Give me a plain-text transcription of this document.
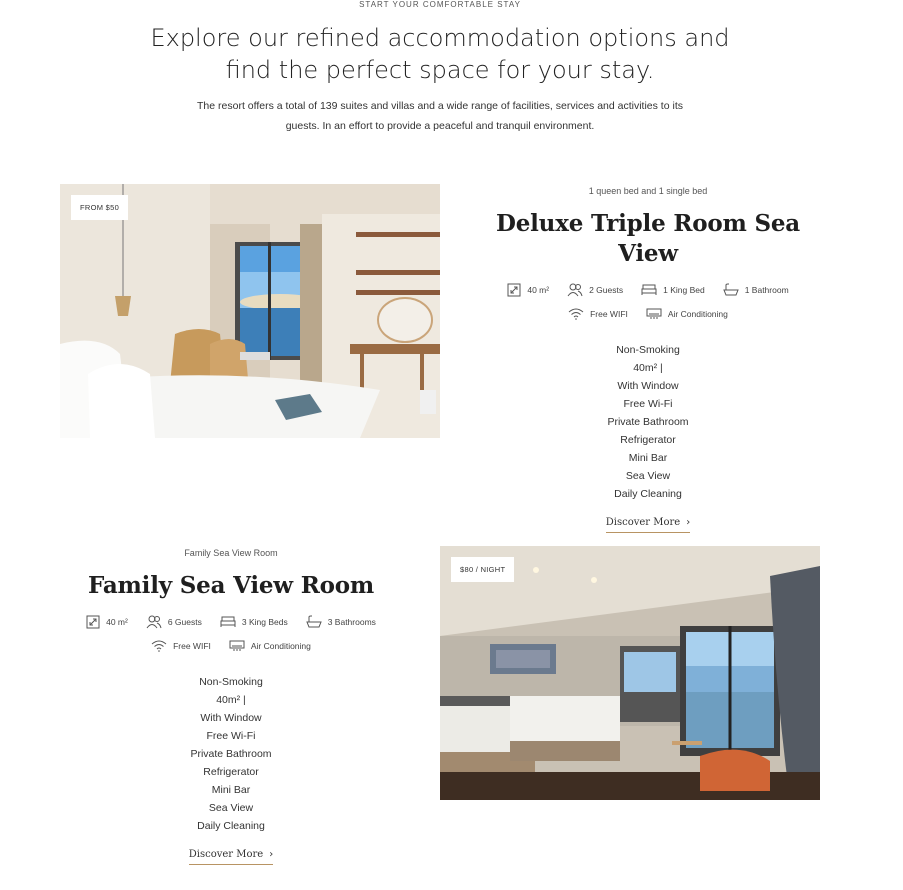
START YOUR COMFORTABLE STAY
Explore our refined accommodation options and
find the perfect space for your stay.

The resort offers a total of 139 suites and villas and a wide range of facilities, services and activities to its
guests. In an effort to provide a peaceful and tranquil environment.

FROM $50
1 queen bed and 1 single bed
Deluxe Triple Room Sea View
40 m²	2 Guests	1 King Bed	1 Bathroom
Free WIFI	Air Conditioning
Non-Smoking
40m² |
With Window
Free Wi-Fi
Private Bathroom
Refrigerator
Mini Bar
Sea View
Daily Cleaning
Discover More ›
Family Sea View Room
Family Sea View Room
40 m²	6 Guests	3 King Beds	3 Bathrooms
Free WIFI	Air Conditioning
Non-Smoking
40m² |
With Window
Free Wi-Fi
Private Bathroom
Refrigerator
Mini Bar
Sea View
Daily Cleaning
Discover More ›
$80 / NIGHT
